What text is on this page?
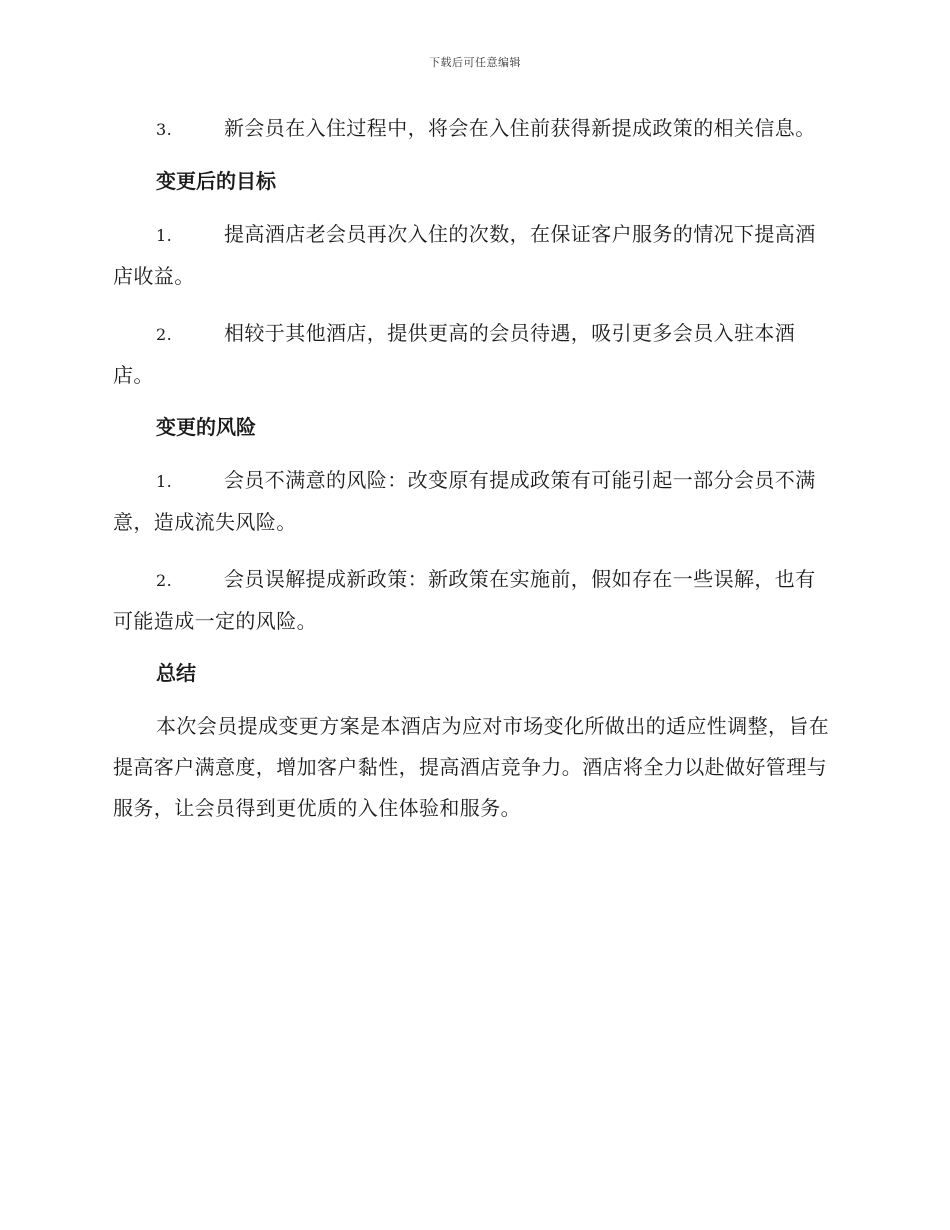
下载后可任意编辑

3.	新会员在入住过程中，将会在入住前获得新提成政策的相关信息。

变更后的目标

1.	提高酒店老会员再次入住的次数，在保证客户服务的情况下提高酒店收益。

2.	相较于其他酒店，提供更高的会员待遇，吸引更多会员入驻本酒店。

变更的风险

1.	会员不满意的风险：改变原有提成政策有可能引起一部分会员不满意，造成流失风险。

2.	会员误解提成新政策：新政策在实施前，假如存在一些误解，也有可能造成一定的风险。

总结

本次会员提成变更方案是本酒店为应对市场变化所做出的适应性调整，旨在提高客户满意度，增加客户黏性，提高酒店竞争力。酒店将全力以赴做好管理与服务，让会员得到更优质的入住体验和服务。
